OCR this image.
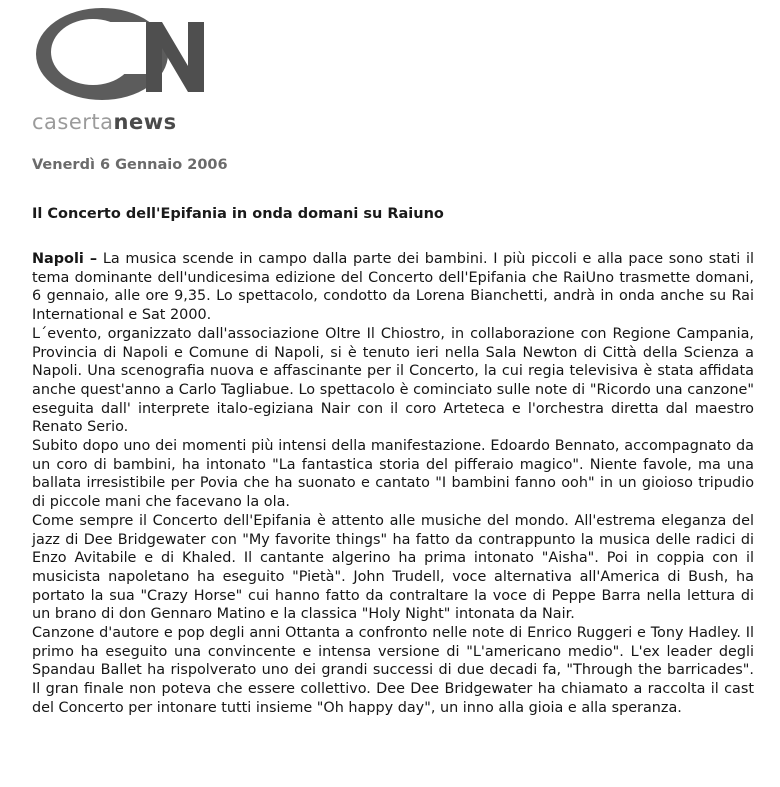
casertanews
Venerdì 6 Gennaio 2006
Il Concerto dell'Epifania in onda domani su Raiuno

Napoli – La musica scende in campo dalla parte dei bambini. I più piccoli e alla pace sono stati il tema dominante dell'undicesima edizione del Concerto dell'Epifania che RaiUno trasmette domani, 6 gennaio, alle ore 9,35. Lo spettacolo, condotto da Lorena Bianchetti, andrà in onda anche su Rai International e Sat 2000.

L´evento, organizzato dall'associazione Oltre Il Chiostro, in collaborazione con Regione Campania, Provincia di Napoli e Comune di Napoli, si è tenuto ieri nella Sala Newton di Città della Scienza a Napoli. Una scenografia nuova e affascinante per il Concerto, la cui regia televisiva è stata affidata anche quest'anno a Carlo Tagliabue. Lo spettacolo è cominciato sulle note di "Ricordo una canzone" eseguita dall' interprete italo-egiziana Nair con il coro Arteteca e l'orchestra diretta dal maestro Renato Serio.

Subito dopo uno dei momenti più intensi della manifestazione. Edoardo Bennato, accompagnato da un coro di bambini, ha intonato "La fantastica storia del pifferaio magico". Niente favole, ma una ballata irresistibile per Povia che ha suonato e cantato "I bambini fanno ooh" in un gioioso tripudio di piccole mani che facevano la ola.

Come sempre il Concerto dell'Epifania è attento alle musiche del mondo. All'estrema eleganza del jazz di Dee Bridgewater con "My favorite things" ha fatto da contrappunto la musica delle radici di Enzo Avitabile e di Khaled. Il cantante algerino ha prima intonato "Aisha". Poi in coppia con il musicista napoletano ha eseguito "Pietà". John Trudell, voce alternativa all'America di Bush, ha portato la sua "Crazy Horse" cui hanno fatto da contraltare la voce di Peppe Barra nella lettura di un brano di don Gennaro Matino e la classica "Holy Night" intonata da Nair.

Canzone d'autore e pop degli anni Ottanta a confronto nelle note di Enrico Ruggeri e Tony Hadley. Il primo ha eseguito una convincente e intensa versione di "L'americano medio". L'ex leader degli Spandau Ballet ha rispolverato uno dei grandi successi di due decadi fa, "Through the barricades". Il gran finale non poteva che essere collettivo. Dee Dee Bridgewater ha chiamato a raccolta il cast del Concerto per intonare tutti insieme "Oh happy day", un inno alla gioia e alla speranza.
